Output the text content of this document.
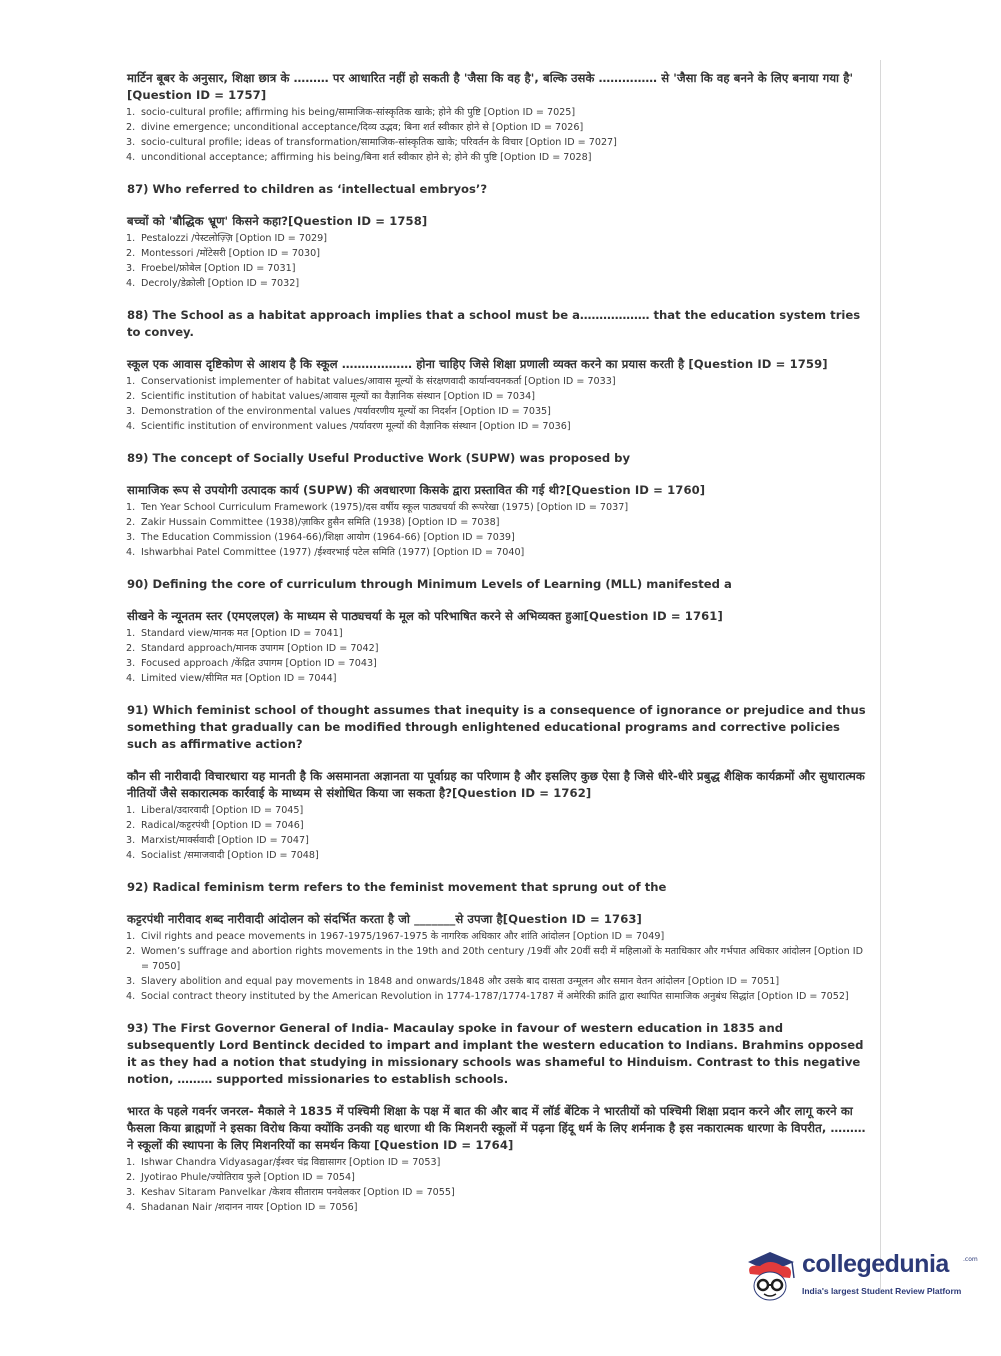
मार्टिन बूबर के अनुसार, शिक्षा छात्र के ……… पर आधारित नहीं हो सकती है 'जैसा कि वह है', बल्कि उसके …………… से 'जैसा कि वह बनने के लिए बनाया गया है' [Question ID = 1757]
1. socio-cultural profile; affirming his being/सामाजिक-सांस्कृतिक खाके; होने की पुष्टि [Option ID = 7025]
2. divine emergence; unconditional acceptance/दिव्य उद्भव; बिना शर्त स्वीकार होने से [Option ID = 7026]
3. socio-cultural profile; ideas of transformation/सामाजिक-सांस्कृतिक खाके; परिवर्तन के विचार [Option ID = 7027]
4. unconditional acceptance; affirming his being/बिना शर्त स्वीकार होने से; होने की पुष्टि [Option ID = 7028]
87) Who referred to children as ‘intellectual embryos’?
बच्चों को 'बौद्धिक भ्रूण' किसने कहा?[Question ID = 1758]
1. Pestalozzi /पेस्टलोज़्ज़ि [Option ID = 7029]
2. Montessori /मोंटेसरी [Option ID = 7030]
3. Froebel/फ्रोबेल [Option ID = 7031]
4. Decroly/डेक्रोली [Option ID = 7032]
88) The School as a habitat approach implies that a school must be a……………… that the education system tries to convey.
स्कूल एक आवास दृष्टिकोण से आशय है कि स्कूल ……………… होना चाहिए जिसे शिक्षा प्रणाली व्यक्त करने का प्रयास करती है [Question ID = 1759]
1. Conservationist implementer of habitat values/आवास मूल्यों के संरक्षणवादी कार्यान्वयनकर्ता [Option ID = 7033]
2. Scientific institution of habitat values/आवास मूल्यों का वैज्ञानिक संस्थान [Option ID = 7034]
3. Demonstration of the environmental values /पर्यावरणीय मूल्यों का निदर्शन [Option ID = 7035]
4. Scientific institution of environment values /पर्यावरण मूल्यों की वैज्ञानिक संस्थान [Option ID = 7036]
89) The concept of Socially Useful Productive Work (SUPW) was proposed by
सामाजिक रूप से उपयोगी उत्पादक कार्य (SUPW) की अवधारणा किसके द्वारा प्रस्तावित की गई थी?[Question ID = 1760]
1. Ten Year School Curriculum Framework (1975)/दस वर्षीय स्कूल पाठ्यचर्या की रूपरेखा (1975) [Option ID = 7037]
2. Zakir Hussain Committee (1938)/ज़ाकिर हुसैन समिति (1938) [Option ID = 7038]
3. The Education Commission (1964-66)/शिक्षा आयोग (1964-66) [Option ID = 7039]
4. Ishwarbhai Patel Committee (1977) /ईश्वरभाई पटेल समिति (1977) [Option ID = 7040]
90) Defining the core of curriculum through Minimum Levels of Learning (MLL) manifested a
सीखने के न्यूनतम स्तर (एमएलएल) के माध्यम से पाठ्यचर्या के मूल को परिभाषित करने से अभिव्यक्त हुआ[Question ID = 1761]
1. Standard view/मानक मत [Option ID = 7041]
2. Standard approach/मानक उपागम [Option ID = 7042]
3. Focused approach /केंद्रित उपागम [Option ID = 7043]
4. Limited view/सीमित मत [Option ID = 7044]
91) Which feminist school of thought assumes that inequity is a consequence of ignorance or prejudice and thus something that gradually can be modified through enlightened educational programs and corrective policies such as affirmative action?
कौन सी नारीवादी विचारधारा यह मानती है कि असमानता अज्ञानता या पूर्वाग्रह का परिणाम है और इसलिए कुछ ऐसा है जिसे धीरे-धीरे प्रबुद्ध शैक्षिक कार्यक्रमों और सुधारात्मक नीतियों जैसे सकारात्मक कार्रवाई के माध्यम से संशोधित किया जा सकता है?[Question ID = 1762]
1. Liberal/उदारवादी [Option ID = 7045]
2. Radical/कट्टरपंथी [Option ID = 7046]
3. Marxist/मार्क्सवादी [Option ID = 7047]
4. Socialist /समाजवादी [Option ID = 7048]
92) Radical feminism term refers to the feminist movement that sprung out of the
कट्टरपंथी नारीवाद शब्द नारीवादी आंदोलन को संदर्भित करता है जो _______से उपजा है[Question ID = 1763]
1. Civil rights and peace movements in 1967-1975/1967-1975 के नागरिक अधिकार और शांति आंदोलन [Option ID = 7049]
2. Women’s suffrage and abortion rights movements in the 19th and 20th century /19वीं और 20वीं सदी में महिलाओं के मताधिकार और गर्भपात अधिकार आंदोलन [Option ID = 7050]
3. Slavery abolition and equal pay movements in 1848 and onwards/1848 और उसके बाद दासता उन्मूलन और समान वेतन आंदोलन [Option ID = 7051]
4. Social contract theory instituted by the American Revolution in 1774-1787/1774-1787 में अमेरिकी क्रांति द्वारा स्थापित सामाजिक अनुबंध सिद्धांत [Option ID = 7052]
93) The First Governor General of India- Macaulay spoke in favour of western education in 1835 and subsequently Lord Bentinck decided to impart and implant the western education to Indians. Brahmins opposed it as they had a notion that studying in missionary schools was shameful to Hinduism. Contrast to this negative notion, ……… supported missionaries to establish schools.
भारत के पहले गवर्नर जनरल- मैकाले ने 1835 में पश्चिमी शिक्षा के पक्ष में बात की और बाद में लॉर्ड बेंटिक ने भारतीयों को पश्चिमी शिक्षा प्रदान करने और लागू करने का फैसला किया ब्राह्मणों ने इसका विरोध किया क्योंकि उनकी यह धारणा थी कि मिशनरी स्कूलों में पढ़ना हिंदू धर्म के लिए शर्मनाक है इस नकारात्मक धारणा के विपरीत, ……… ने स्कूलों की स्थापना के लिए मिशनरियों का समर्थन किया [Question ID = 1764]
1. Ishwar Chandra Vidyasagar/ईश्वर चंद्र विद्यासागर [Option ID = 7053]
2. Jyotirao Phule/ज्योतिराव फुले [Option ID = 7054]
3. Keshav Sitaram Panvelkar /केशव सीताराम पनवेलकर [Option ID = 7055]
4. Shadanan Nair /शदानन नायर [Option ID = 7056]
collegedunia .com
India's largest Student Review Platform
